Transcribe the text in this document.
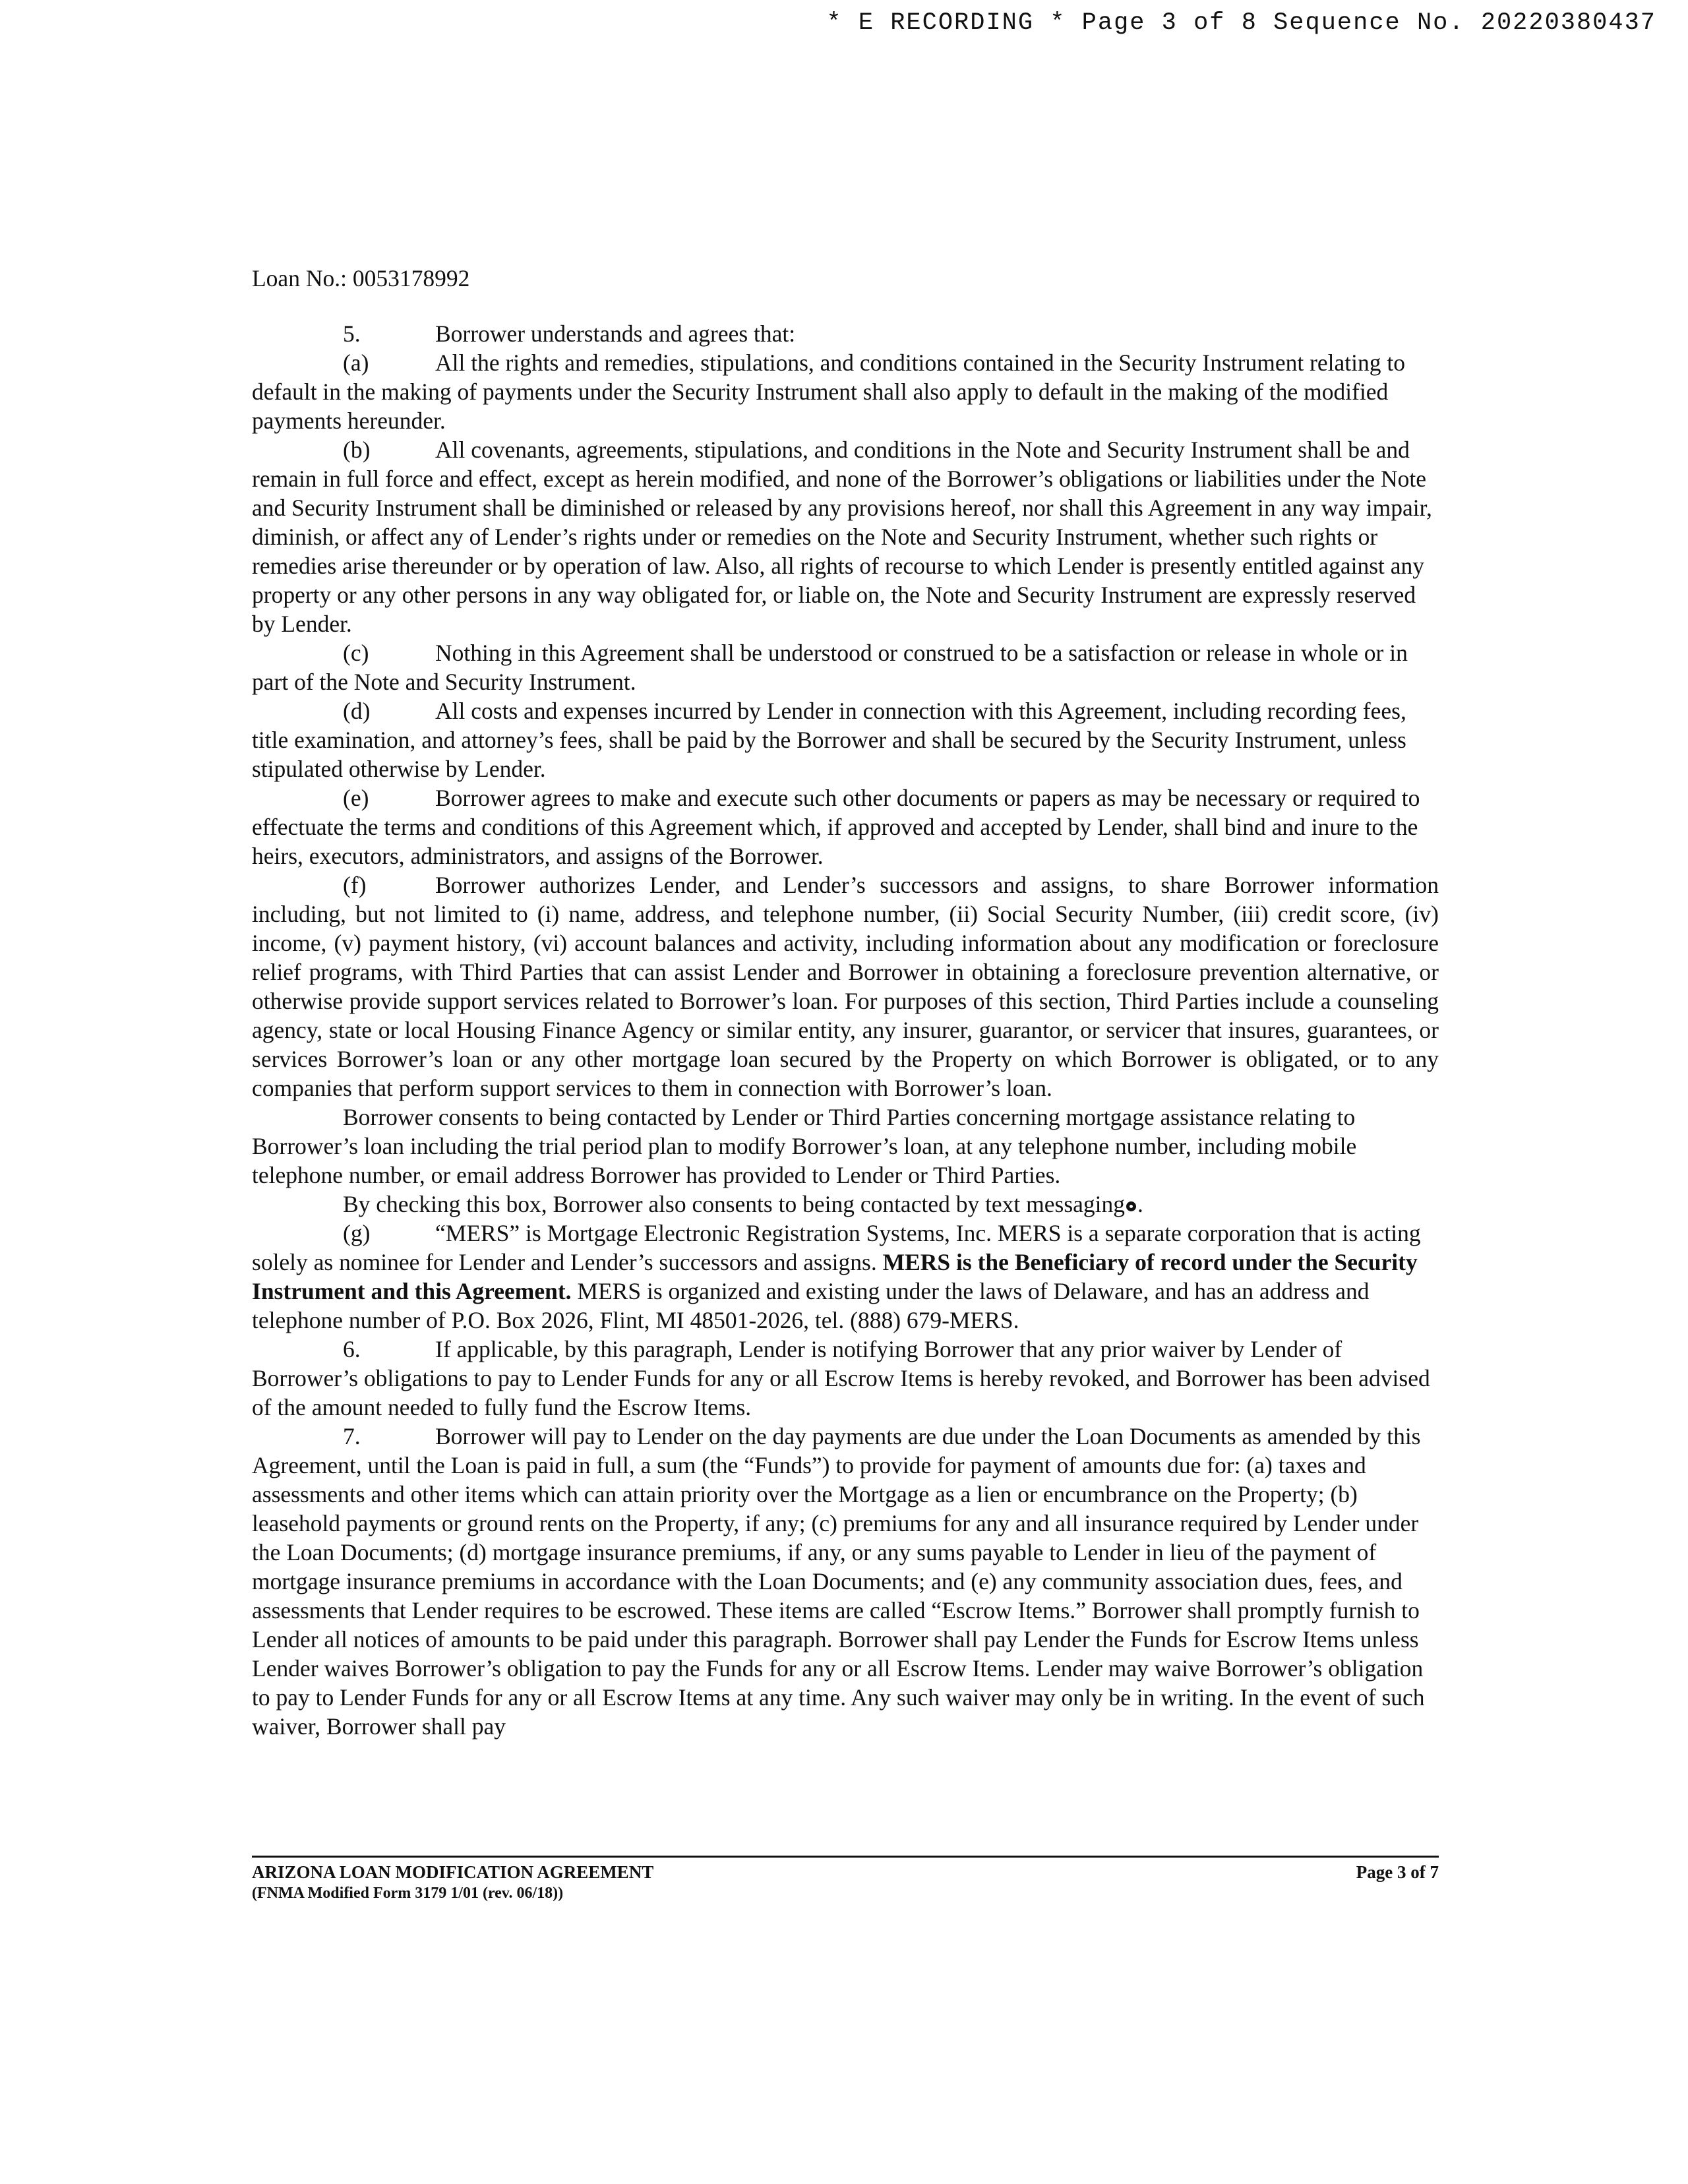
* E RECORDING * Page 3 of 8 Sequence No. 20220380437

Loan No.: 0053178992

5.	Borrower understands and agrees that:

(a)	All the rights and remedies, stipulations, and conditions contained in the Security Instrument relating to default in the making of payments under the Security Instrument shall also apply to default in the making of the modified payments hereunder.

(b)	All covenants, agreements, stipulations, and conditions in the Note and Security Instrument shall be and remain in full force and effect, except as herein modified, and none of the Borrower’s obligations or liabilities under the Note and Security Instrument shall be diminished or released by any provisions hereof, nor shall this Agreement in any way impair, diminish, or affect any of Lender’s rights under or remedies on the Note and Security Instrument, whether such rights or remedies arise thereunder or by operation of law. Also, all rights of recourse to which Lender is presently entitled against any property or any other persons in any way obligated for, or liable on, the Note and Security Instrument are expressly reserved by Lender.

(c)	Nothing in this Agreement shall be understood or construed to be a satisfaction or release in whole or in part of the Note and Security Instrument.

(d)	All costs and expenses incurred by Lender in connection with this Agreement, including recording fees, title examination, and attorney’s fees, shall be paid by the Borrower and shall be secured by the Security Instrument, unless stipulated otherwise by Lender.

(e)	Borrower agrees to make and execute such other documents or papers as may be necessary or required to effectuate the terms and conditions of this Agreement which, if approved and accepted by Lender, shall bind and inure to the heirs, executors, administrators, and assigns of the Borrower.

(f)	Borrower authorizes Lender, and Lender’s successors and assigns, to share Borrower information including, but not limited to (i) name, address, and telephone number, (ii) Social Security Number, (iii) credit score, (iv) income, (v) payment history, (vi) account balances and activity, including information about any modification or foreclosure relief programs, with Third Parties that can assist Lender and Borrower in obtaining a foreclosure prevention alternative, or otherwise provide support services related to Borrower’s loan. For purposes of this section, Third Parties include a counseling agency, state or local Housing Finance Agency or similar entity, any insurer, guarantor, or servicer that insures, guarantees, or services Borrower’s loan or any other mortgage loan secured by the Property on which Borrower is obligated, or to any companies that perform support services to them in connection with Borrower’s loan.

Borrower consents to being contacted by Lender or Third Parties concerning mortgage assistance relating to Borrower’s loan including the trial period plan to modify Borrower’s loan, at any telephone number, including mobile telephone number, or email address Borrower has provided to Lender or Third Parties.

By checking this box, Borrower also consents to being contacted by text messaging .

(g)	“MERS” is Mortgage Electronic Registration Systems, Inc. MERS is a separate corporation that is acting solely as nominee for Lender and Lender’s successors and assigns. MERS is the Beneficiary of record under the Security Instrument and this Agreement. MERS is organized and existing under the laws of Delaware, and has an address and telephone number of P.O. Box 2026, Flint, MI 48501-2026, tel. (888) 679-MERS.

6.	If applicable, by this paragraph, Lender is notifying Borrower that any prior waiver by Lender of Borrower’s obligations to pay to Lender Funds for any or all Escrow Items is hereby revoked, and Borrower has been advised of the amount needed to fully fund the Escrow Items.

7.	Borrower will pay to Lender on the day payments are due under the Loan Documents as amended by this Agreement, until the Loan is paid in full, a sum (the “Funds”) to provide for payment of amounts due for: (a) taxes and assessments and other items which can attain priority over the Mortgage as a lien or encumbrance on the Property; (b) leasehold payments or ground rents on the Property, if any; (c) premiums for any and all insurance required by Lender under the Loan Documents; (d) mortgage insurance premiums, if any, or any sums payable to Lender in lieu of the payment of mortgage insurance premiums in accordance with the Loan Documents; and (e) any community association dues, fees, and assessments that Lender requires to be escrowed. These items are called “Escrow Items.” Borrower shall promptly furnish to Lender all notices of amounts to be paid under this paragraph. Borrower shall pay Lender the Funds for Escrow Items unless Lender waives Borrower’s obligation to pay the Funds for any or all Escrow Items. Lender may waive Borrower’s obligation to pay to Lender Funds for any or all Escrow Items at any time. Any such waiver may only be in writing. In the event of such waiver, Borrower shall pay

ARIZONA LOAN MODIFICATION AGREEMENT	Page 3 of 7
(FNMA Modified Form 3179 1/01 (rev. 06/18))
